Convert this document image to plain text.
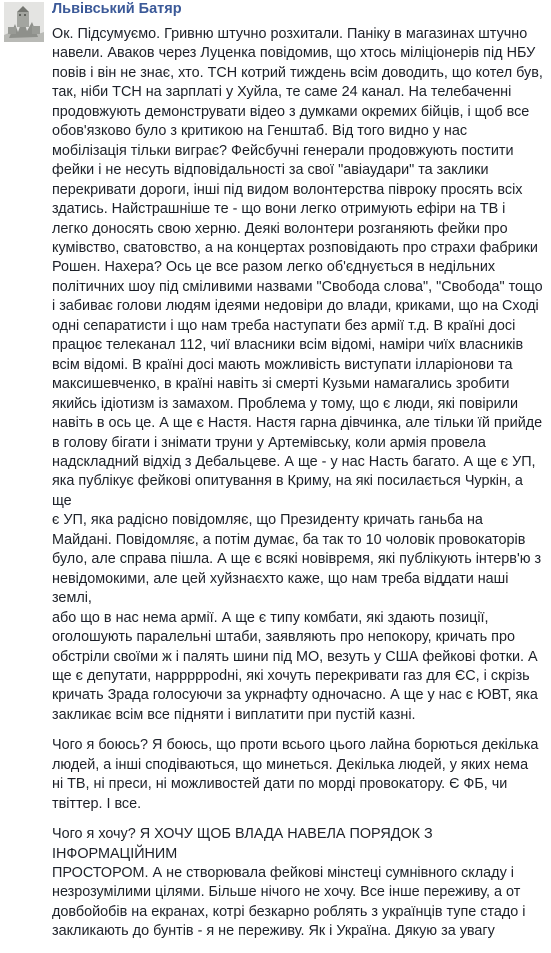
Львівський Батяр

Ок. Підсумуємо. Гривню штучно розхитали. Паніку в магазинах штучно
навели. Аваков через Луценка повідомив, що хтось міліціонерів під НБУ
повів і він не знає, хто. ТСН котрий тиждень всім доводить, що котел був,
так, ніби ТСН на зарплаті у Хуйла, те саме 24 канал. На телебаченні
продовжують демонструвати відео з думками окремих бійців, і щоб все
обов'язково було з критикою на Генштаб. Від того видно у нас
мобілізація тільки виграє? Фейсбучні генерали продовжують постити
фейки і не несуть відповідальності за свої "авіаудари" та заклики
перекривати дороги, інші під видом волонтерства півроку просять всіх
здатись. Найстрашніше те - що вони легко отримують ефіри на ТВ і
легко доносять свою херню. Деякі волонтери розганяють фейки про
кумівство, сватовство, а на концертах розповідають про страхи фабрики
Рошен. Нахера? Ось це все разом легко об'єднується в недільних
політичних шоу під сміливими назвами "Свобода слова", "Свобода" тощо
і забиває голови людям ідеями недовіри до влади, криками, що на Сході
одні сепаратисти і що нам треба наступати без армії т.д. В країні досі
працює телеканал 112, чиї власники всім відомі, наміри чиїх власників
всім відомі. В країні досі мають можливість виступати ілларіонови та
максишевченко, в країні навіть зі смерті Кузьми намагались зробити
якийсь ідіотизм із замахом. Проблема у тому, що є люди, які повірили
навіть в ось це. А ще є Настя. Настя гарна дівчинка, але тільки їй прийде
в голову бігати і знімати труни у Артемівську, коли армія провела
надскладний відхід з Дебальцеве. А ще - у нас Насть багато. А ще є УП,
яка публікує фейкові опитування в Криму, на які посилається Чуркін, а ще
є УП, яка радісно повідомляє, що Президенту кричать ганьба на
Майдані. Повідомляє, а потім думає, ба так то 10 чоловік провокаторів
було, але справа пішла. А ще є всякі новівремя, які публікують інтерв'ю з
невідомокими, але цей хуйзнаєхто каже, що нам треба віддати наші землі,
або що в нас нема армії. А ще є типу комбати, які здають позиції,
оголошують паралельні штаби, заявляють про непокору, кричать про
обстріли своїми ж і палять шини під МО, везуть у США фейкові фотки. А
ще є депутати, нарррррodні, які хочуть перекривати газ для ЄС, і скрізь
кричать Зрада голосуючи за укрнафту одночасно. А ще у нас є ЮВТ, яка
закликає всім все підняти і виплатити при пустій казні.

Чого я боюсь? Я боюсь, що проти всього цього лайна борються декілька
людей, а інші сподіваються, що минеться. Декілька людей, у яких нема
ні ТВ, ні преси, ні можливостей дати по морді провокатору. Є ФБ, чи
твіттер. І все.

Чого я хочу? Я ХОЧУ ЩОБ ВЛАДА НАВЕЛА ПОРЯДОК З ІНФОРМАЦІЙНИМ
ПРОСТОРОМ. А не створювала фейкові мінстеці сумнівного складу і
незрозумілими цілями. Більше нічого не хочу. Все інше переживу, а от
довбойобів на екранах, котрі безкарно роблять з українців тупе стадо і
закликають до бунтів - я не переживу. Як і Україна. Дякую за увагу
